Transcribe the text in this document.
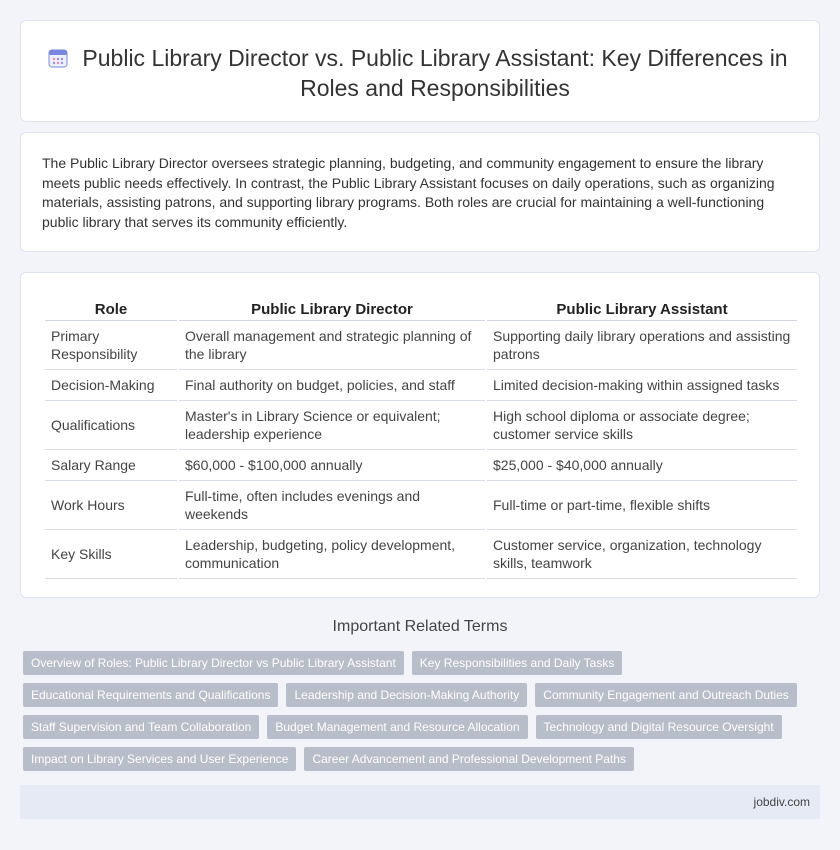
Public Library Director vs. Public Library Assistant: Key Differences in Roles and Responsibilities

The Public Library Director oversees strategic planning, budgeting, and community engagement to ensure the library meets public needs effectively. In contrast, the Public Library Assistant focuses on daily operations, such as organizing materials, assisting patrons, and supporting library programs. Both roles are crucial for maintaining a well-functioning public library that serves its community efficiently.

Role	Public Library Director	Public Library Assistant
Primary Responsibility	Overall management and strategic planning of the library	Supporting daily library operations and assisting patrons
Decision-Making	Final authority on budget, policies, and staff	Limited decision-making within assigned tasks
Qualifications	Master's in Library Science or equivalent; leadership experience	High school diploma or associate degree; customer service skills
Salary Range	$60,000 - $100,000 annually	$25,000 - $40,000 annually
Work Hours	Full-time, often includes evenings and weekends	Full-time or part-time, flexible shifts
Key Skills	Leadership, budgeting, policy development, communication	Customer service, organization, technology skills, teamwork
Important Related Terms
Overview of Roles: Public Library Director vs Public Library Assistant	Key Responsibilities and Daily Tasks
Educational Requirements and Qualifications	Leadership and Decision-Making Authority	Community Engagement and Outreach Duties
Staff Supervision and Team Collaboration	Budget Management and Resource Allocation	Technology and Digital Resource Oversight
Impact on Library Services and User Experience	Career Advancement and Professional Development Paths
jobdiv.com
